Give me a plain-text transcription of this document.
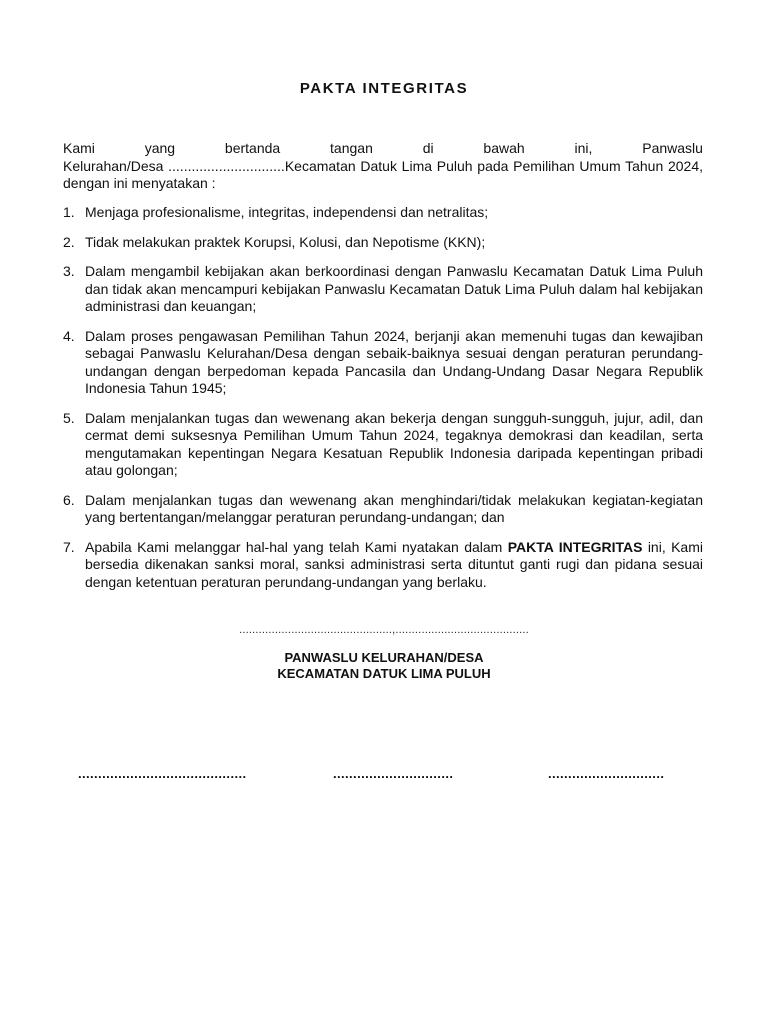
PAKTA INTEGRITAS
Kami	yang	bertanda	tangan	di	bawah	ini,	Panwaslu
Kelurahan/Desa ..............................Kecamatan Datuk Lima Puluh pada Pemilihan Umum Tahun 2024, dengan ini menyatakan :
1. Menjaga profesionalisme, integritas, independensi dan netralitas;
2. Tidak melakukan praktek Korupsi, Kolusi, dan Nepotisme (KKN);
3. Dalam mengambil kebijakan akan berkoordinasi dengan Panwaslu Kecamatan Datuk Lima Puluh dan tidak akan mencampuri kebijakan Panwaslu Kecamatan Datuk Lima Puluh dalam hal kebijakan administrasi dan keuangan;
4. Dalam proses pengawasan Pemilihan Tahun 2024, berjanji akan memenuhi tugas dan kewajiban sebagai Panwaslu Kelurahan/Desa dengan sebaik-baiknya sesuai dengan peraturan perundang-undangan dengan berpedoman kepada Pancasila dan Undang-Undang Dasar Negara Republik Indonesia Tahun 1945;
5. Dalam menjalankan tugas dan wewenang akan bekerja dengan sungguh-sungguh, jujur, adil, dan cermat demi suksesnya Pemilihan Umum Tahun 2024, tegaknya demokrasi dan keadilan, serta mengutamakan kepentingan Negara Kesatuan Republik Indonesia daripada kepentingan pribadi atau golongan;
6. Dalam menjalankan tugas dan wewenang akan menghindari/tidak melakukan kegiatan-kegiatan yang bertentangan/melanggar peraturan perundang-undangan; dan
7. Apabila Kami melanggar hal-hal yang telah Kami nyatakan dalam PAKTA INTEGRITAS ini, Kami bersedia dikenakan sanksi moral, sanksi administrasi serta dituntut ganti rugi dan pidana sesuai dengan ketentuan peraturan perundang-undangan yang berlaku.
...............................................,.........................................
PANWASLU KELURAHAN/DESA
KECAMATAN DATUK LIMA PULUH
..........................................	..............................	.............................
